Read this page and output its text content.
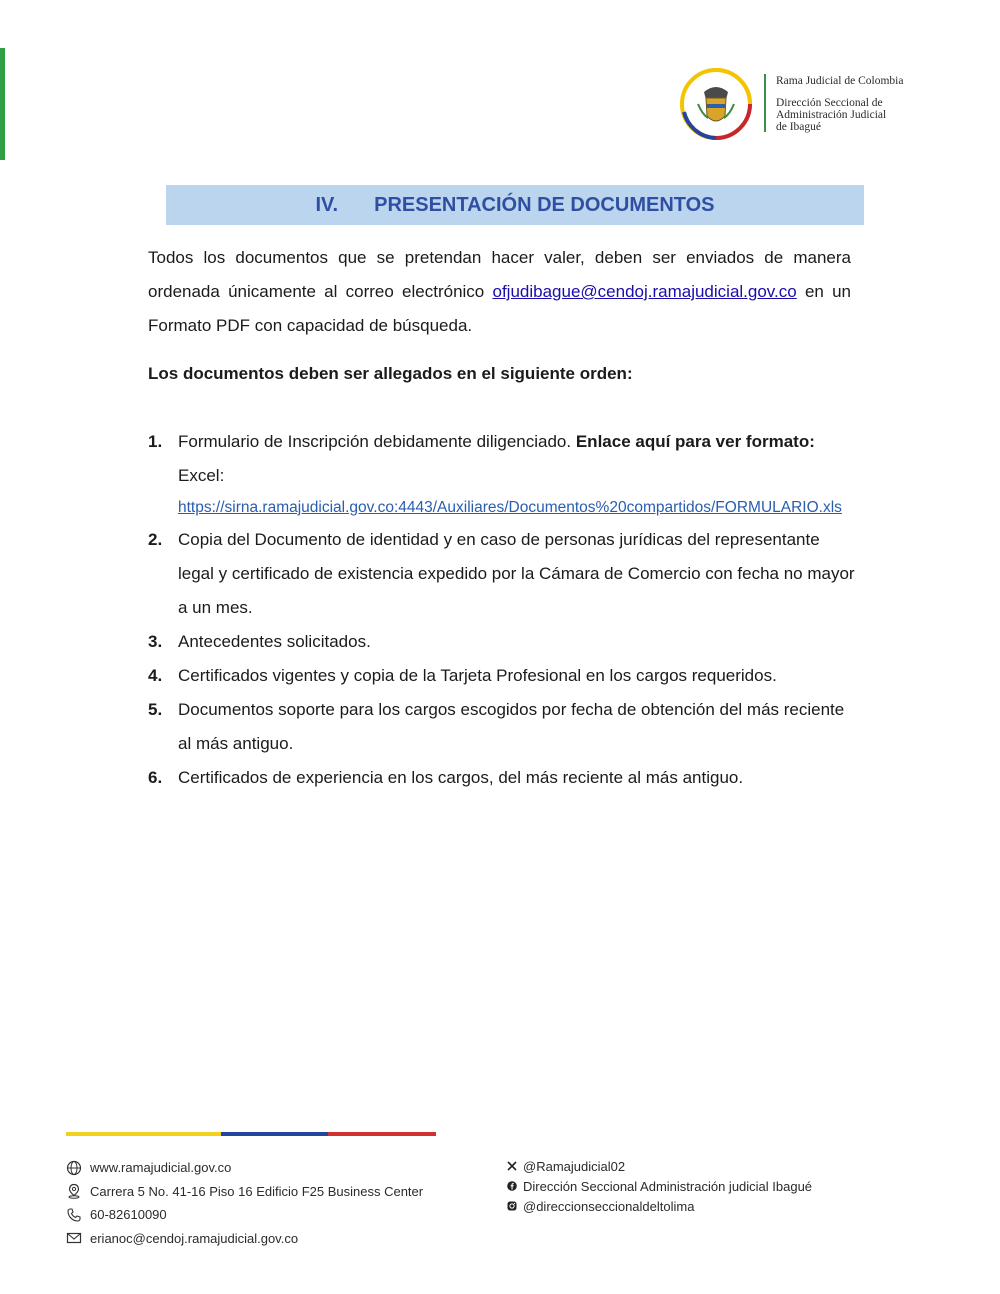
Rama Judicial de Colombia
Dirección Seccional de
Administración Judicial
de Ibagué
IV. PRESENTACIÓN DE DOCUMENTOS

Todos los documentos que se pretendan hacer valer, deben ser enviados de manera ordenada únicamente al correo electrónico ofjudibague@cendoj.ramajudicial.gov.co en un Formato PDF con capacidad de búsqueda.

Los documentos deben ser allegados en el siguiente orden:

1. Formulario de Inscripción debidamente diligenciado. Enlace aquí para ver formato:
Excel:
https://sirna.ramajudicial.gov.co:4443/Auxiliares/Documentos%20compartidos/FORMULARIO.xls
2. Copia del Documento de identidad y en caso de personas jurídicas del representante legal y certificado de existencia expedido por la Cámara de Comercio con fecha no mayor a un mes.
3. Antecedentes solicitados.
4. Certificados vigentes y copia de la Tarjeta Profesional en los cargos requeridos.
5. Documentos soporte para los cargos escogidos por fecha de obtención del más reciente al más antiguo.
6. Certificados de experiencia en los cargos, del más reciente al más antiguo.
www.ramajudicial.gov.co
Carrera 5 No. 41-16 Piso 16 Edificio F25 Business Center
60-82610090
erianoc@cendoj.ramajudicial.gov.co
@Ramajudicial02
Dirección Seccional Administración judicial Ibagué
@direccionseccionaldeltolima
